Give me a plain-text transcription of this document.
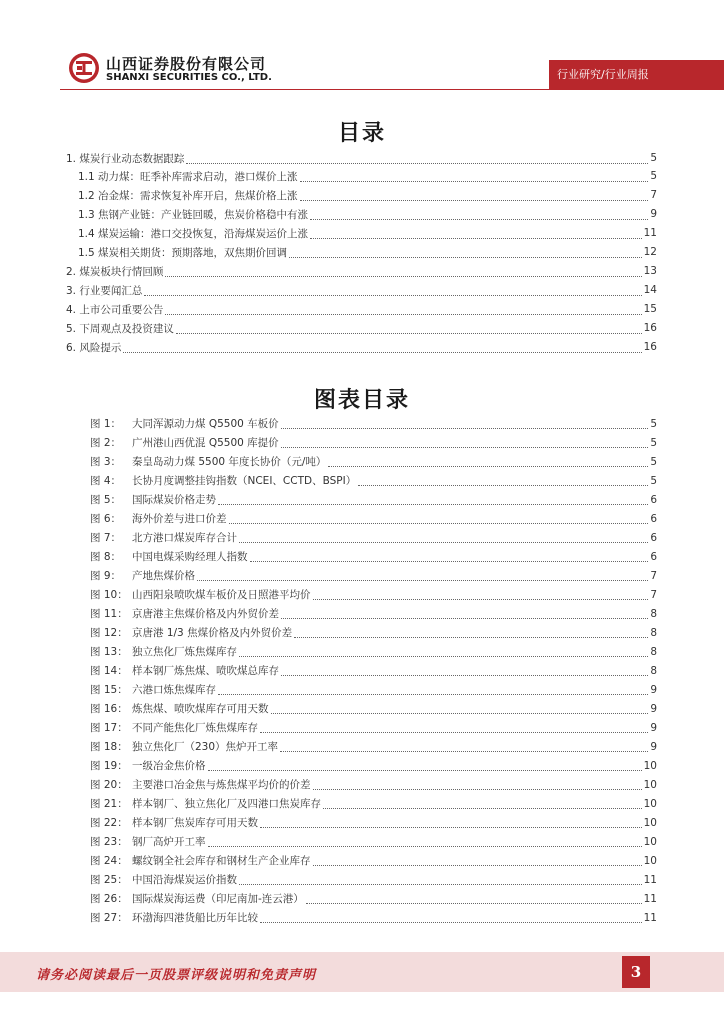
山西证券股份有限公司
SHANXI SECURITIES CO., LTD.	行业研究/行业周报
目录
1. 煤炭行业动态数据跟踪	5
1.1 动力煤：旺季补库需求启动，港口煤价上涨	5
1.2 冶金煤：需求恢复补库开启，焦煤价格上涨	7
1.3 焦钢产业链：产业链回暖，焦炭价格稳中有涨	9
1.4 煤炭运输：港口交投恢复，沿海煤炭运价上涨	11
1.5 煤炭相关期货：预期落地，双焦期价回调	12
2. 煤炭板块行情回顾	13
3. 行业要闻汇总	14
4. 上市公司重要公告	15
5. 下周观点及投资建议	16
6. 风险提示	16
图表目录
图 1：	大同浑源动力煤 Q5500 车板价	5
图 2：	广州港山西优混 Q5500 库提价	5
图 3：	秦皇岛动力煤 5500 年度长协价（元/吨）	5
图 4：	长协月度调整挂钩指数（NCEI、CCTD、BSPI）	5
图 5：	国际煤炭价格走势	6
图 6：	海外价差与进口价差	6
图 7：	北方港口煤炭库存合计	6
图 8：	中国电煤采购经理人指数	6
图 9：	产地焦煤价格	7
图 10： 山西阳泉喷吹煤车板价及日照港平均价	7
图 11： 京唐港主焦煤价格及内外贸价差	8
图 12： 京唐港 1/3 焦煤价格及内外贸价差	8
图 13： 独立焦化厂炼焦煤库存	8
图 14： 样本钢厂炼焦煤、喷吹煤总库存	8
图 15： 六港口炼焦煤库存	9
图 16： 炼焦煤、喷吹煤库存可用天数	9
图 17： 不同产能焦化厂炼焦煤库存	9
图 18： 独立焦化厂（230）焦炉开工率	9
图 19： 一级冶金焦价格	10
图 20： 主要港口冶金焦与炼焦煤平均价的价差	10
图 21： 样本钢厂、独立焦化厂及四港口焦炭库存	10
图 22： 样本钢厂焦炭库存可用天数	10
图 23： 钢厂高炉开工率	10
图 24： 螺纹钢全社会库存和钢材生产企业库存	10
图 25： 中国沿海煤炭运价指数	11
图 26： 国际煤炭海运费（印尼南加-连云港）	11
图 27： 环渤海四港货船比历年比较	11
请务必阅读最后一页股票评级说明和免责声明	3
